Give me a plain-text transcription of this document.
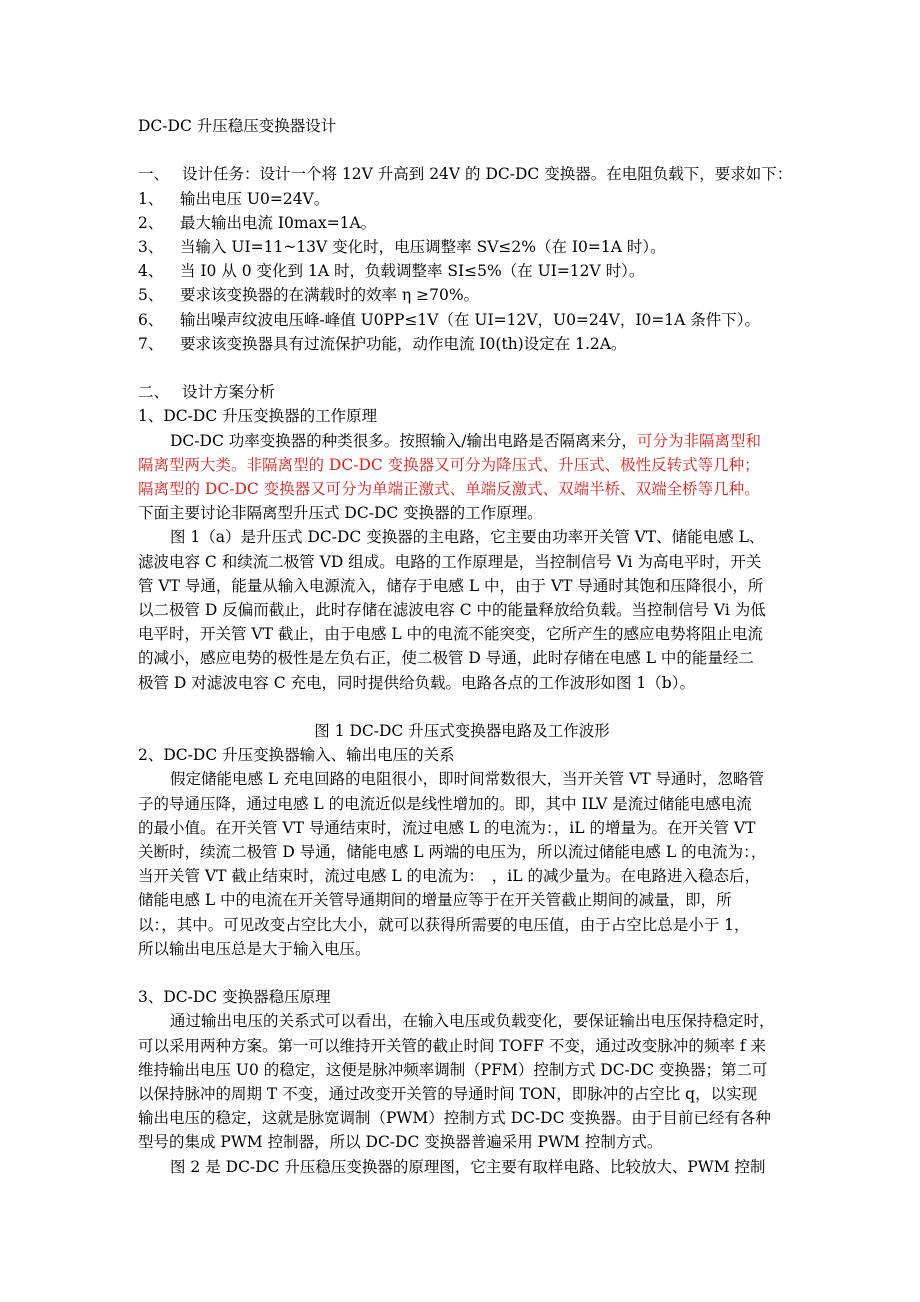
DC-DC 升压稳压变换器设计
一、 设计任务：设计一个将 12V 升高到 24V 的 DC-DC 变换器。在电阻负载下，要求如下：
1、	输出电压 U0=24V。
2、	最大输出电流 I0max=1A。
3、	当输入 UI=11~13V 变化时，电压调整率 SV≤2%（在 I0=1A 时）。
4、	当 I0 从 0 变化到 1A 时，负载调整率 SI≤5%（在 UI=12V 时）。
5、	要求该变换器的在满载时的效率 η ≥70%。
6、	输出噪声纹波电压峰-峰值 U0PP≤1V（在 UI=12V，U0=24V，I0=1A 条件下）。
7、	要求该变换器具有过流保护功能，动作电流 I0(th)设定在 1.2A。
二、 设计方案分析
1、DC-DC 升压变换器的工作原理
DC-DC 功率变换器的种类很多。按照输入/输出电路是否隔离来分，可分为非隔离型和
隔离型两大类。非隔离型的 DC-DC 变换器又可分为降压式、升压式、极性反转式等几种；
隔离型的 DC-DC 变换器又可分为单端正激式、单端反激式、双端半桥、双端全桥等几种。
下面主要讨论非隔离型升压式 DC-DC 变换器的工作原理。
图 1（a）是升压式 DC-DC 变换器的主电路，它主要由功率开关管 VT、储能电感 L、
滤波电容 C 和续流二极管 VD 组成。电路的工作原理是，当控制信号 Vi 为高电平时，开关
管 VT 导通，能量从输入电源流入，储存于电感 L 中，由于 VT 导通时其饱和压降很小，所
以二极管 D 反偏而截止，此时存储在滤波电容 C 中的能量释放给负载。当控制信号 Vi 为低
电平时，开关管 VT 截止，由于电感 L 中的电流不能突变，它所产生的感应电势将阻止电流
的减小，感应电势的极性是左负右正，使二极管 D 导通，此时存储在电感 L 中的能量经二
极管 D 对滤波电容 C 充电，同时提供给负载。电路各点的工作波形如图 1（b）。
图 1 DC-DC 升压式变换器电路及工作波形
2、DC-DC 升压变换器输入、输出电压的关系
假定储能电感 L 充电回路的电阻很小，即时间常数很大，当开关管 VT 导通时，忽略管
子的导通压降，通过电感 L 的电流近似是线性增加的。即，其中 ILV 是流过储能电感电流
的最小值。在开关管 VT 导通结束时，流过电感 L 的电流为：，iL 的增量为。在开关管 VT
关断时，续流二极管 D 导通，储能电感 L 两端的电压为，所以流过储能电感 L 的电流为：，
当开关管 VT 截止结束时，流过电感 L 的电流为：　，iL 的减少量为。在电路进入稳态后，
储能电感 L 中的电流在开关管导通期间的增量应等于在开关管截止期间的减量，即，所
以：，其中。可见改变占空比大小，就可以获得所需要的电压值，由于占空比总是小于 1，
所以输出电压总是大于输入电压。
3、DC-DC 变换器稳压原理
通过输出电压的关系式可以看出，在输入电压或负载变化，要保证输出电压保持稳定时，
可以采用两种方案。第一可以维持开关管的截止时间 TOFF 不变，通过改变脉冲的频率 f 来
维持输出电压 U0 的稳定，这便是脉冲频率调制（PFM）控制方式 DC-DC 变换器；第二可
以保持脉冲的周期 T 不变，通过改变开关管的导通时间 TON，即脉冲的占空比 q，以实现
输出电压的稳定，这就是脉宽调制（PWM）控制方式 DC-DC 变换器。由于目前已经有各种
型号的集成 PWM 控制器，所以 DC-DC 变换器普遍采用 PWM 控制方式。
图 2 是 DC-DC 升压稳压变换器的原理图，它主要有取样电路、比较放大、PWM 控制
